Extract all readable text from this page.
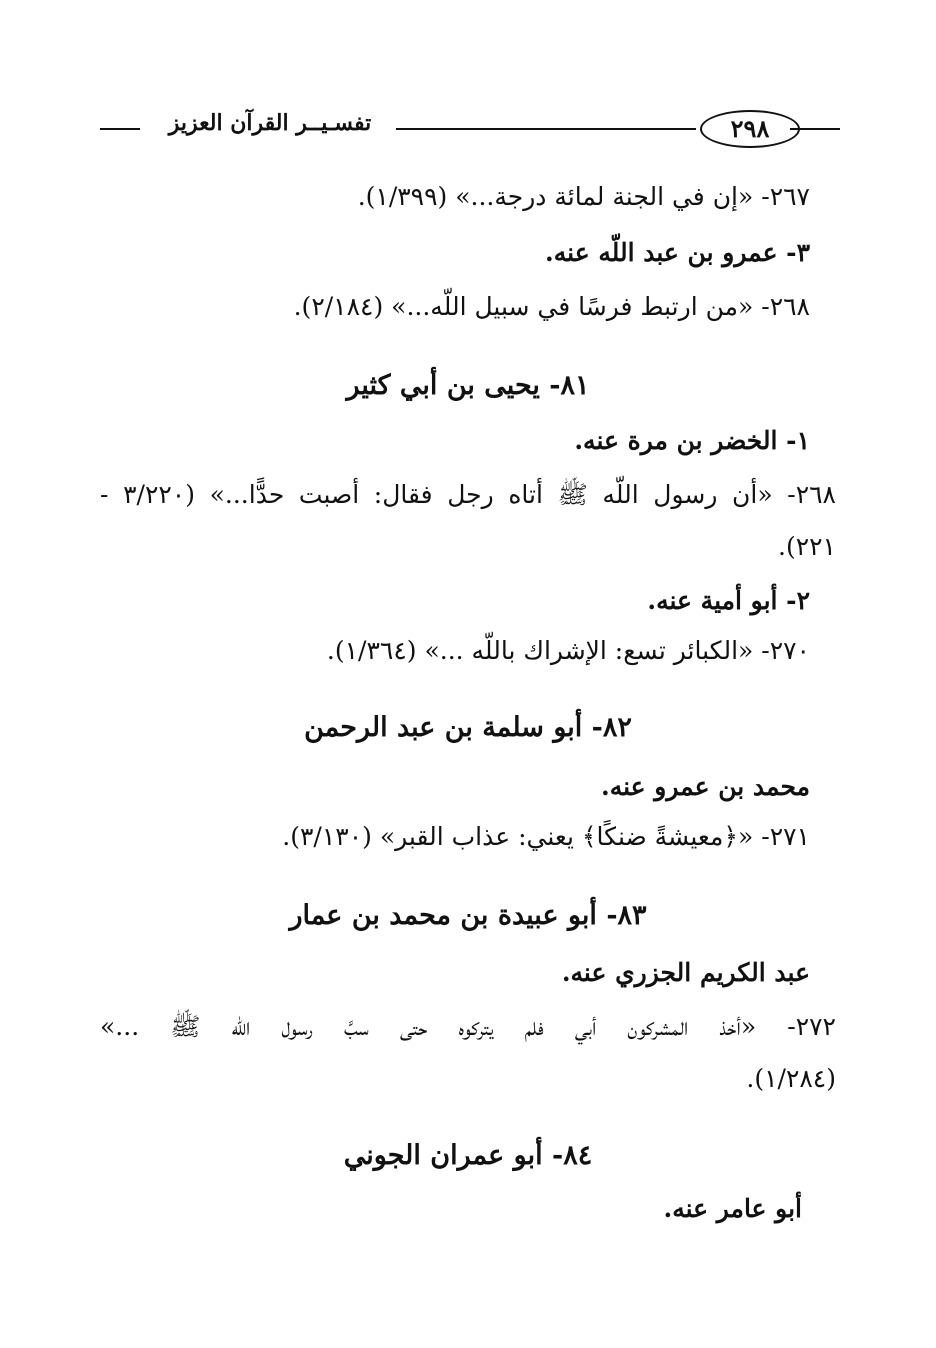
تفسـيــر القرآن العزيز	٢٩٨
٢٦٧- «إن في الجنة لمائة درجة...» (١/٣٩٩).
٣- عمرو بن عبد اللّه عنه.
٢٦٨- «من ارتبط فرسًا في سبيل اللّه...» (٢/١٨٤).
٨١- يحيى بن أبي كثير
١- الخضر بن مرة عنه.
٢٦٨- «أن رسول اللّه ﷺ أتاه رجل فقال: أصبت حدًّا...» (٣/٢٢٠ -
٢٢١).
٢- أبو أمية عنه.
٢٧٠- «الكبائر تسع: الإشراك باللّه ...» (١/٣٦٤).
٨٢- أبو سلمة بن عبد الرحمن
محمد بن عمرو عنه.
٢٧١- «﴿معيشةً ضنكًا﴾ يعني: عذاب القبر» (٣/١٣٠).
٨٣- أبو عبيدة بن محمد بن عمار
عبد الكريم الجزري عنه.
٢٧٢- «أخذ المشركون أبي فلم يتركوه حتى سبَّ رسول اللّه ﷺ ...»
(١/٢٨٤).
٨٤- أبو عمران الجوني
أبو عامر عنه.
